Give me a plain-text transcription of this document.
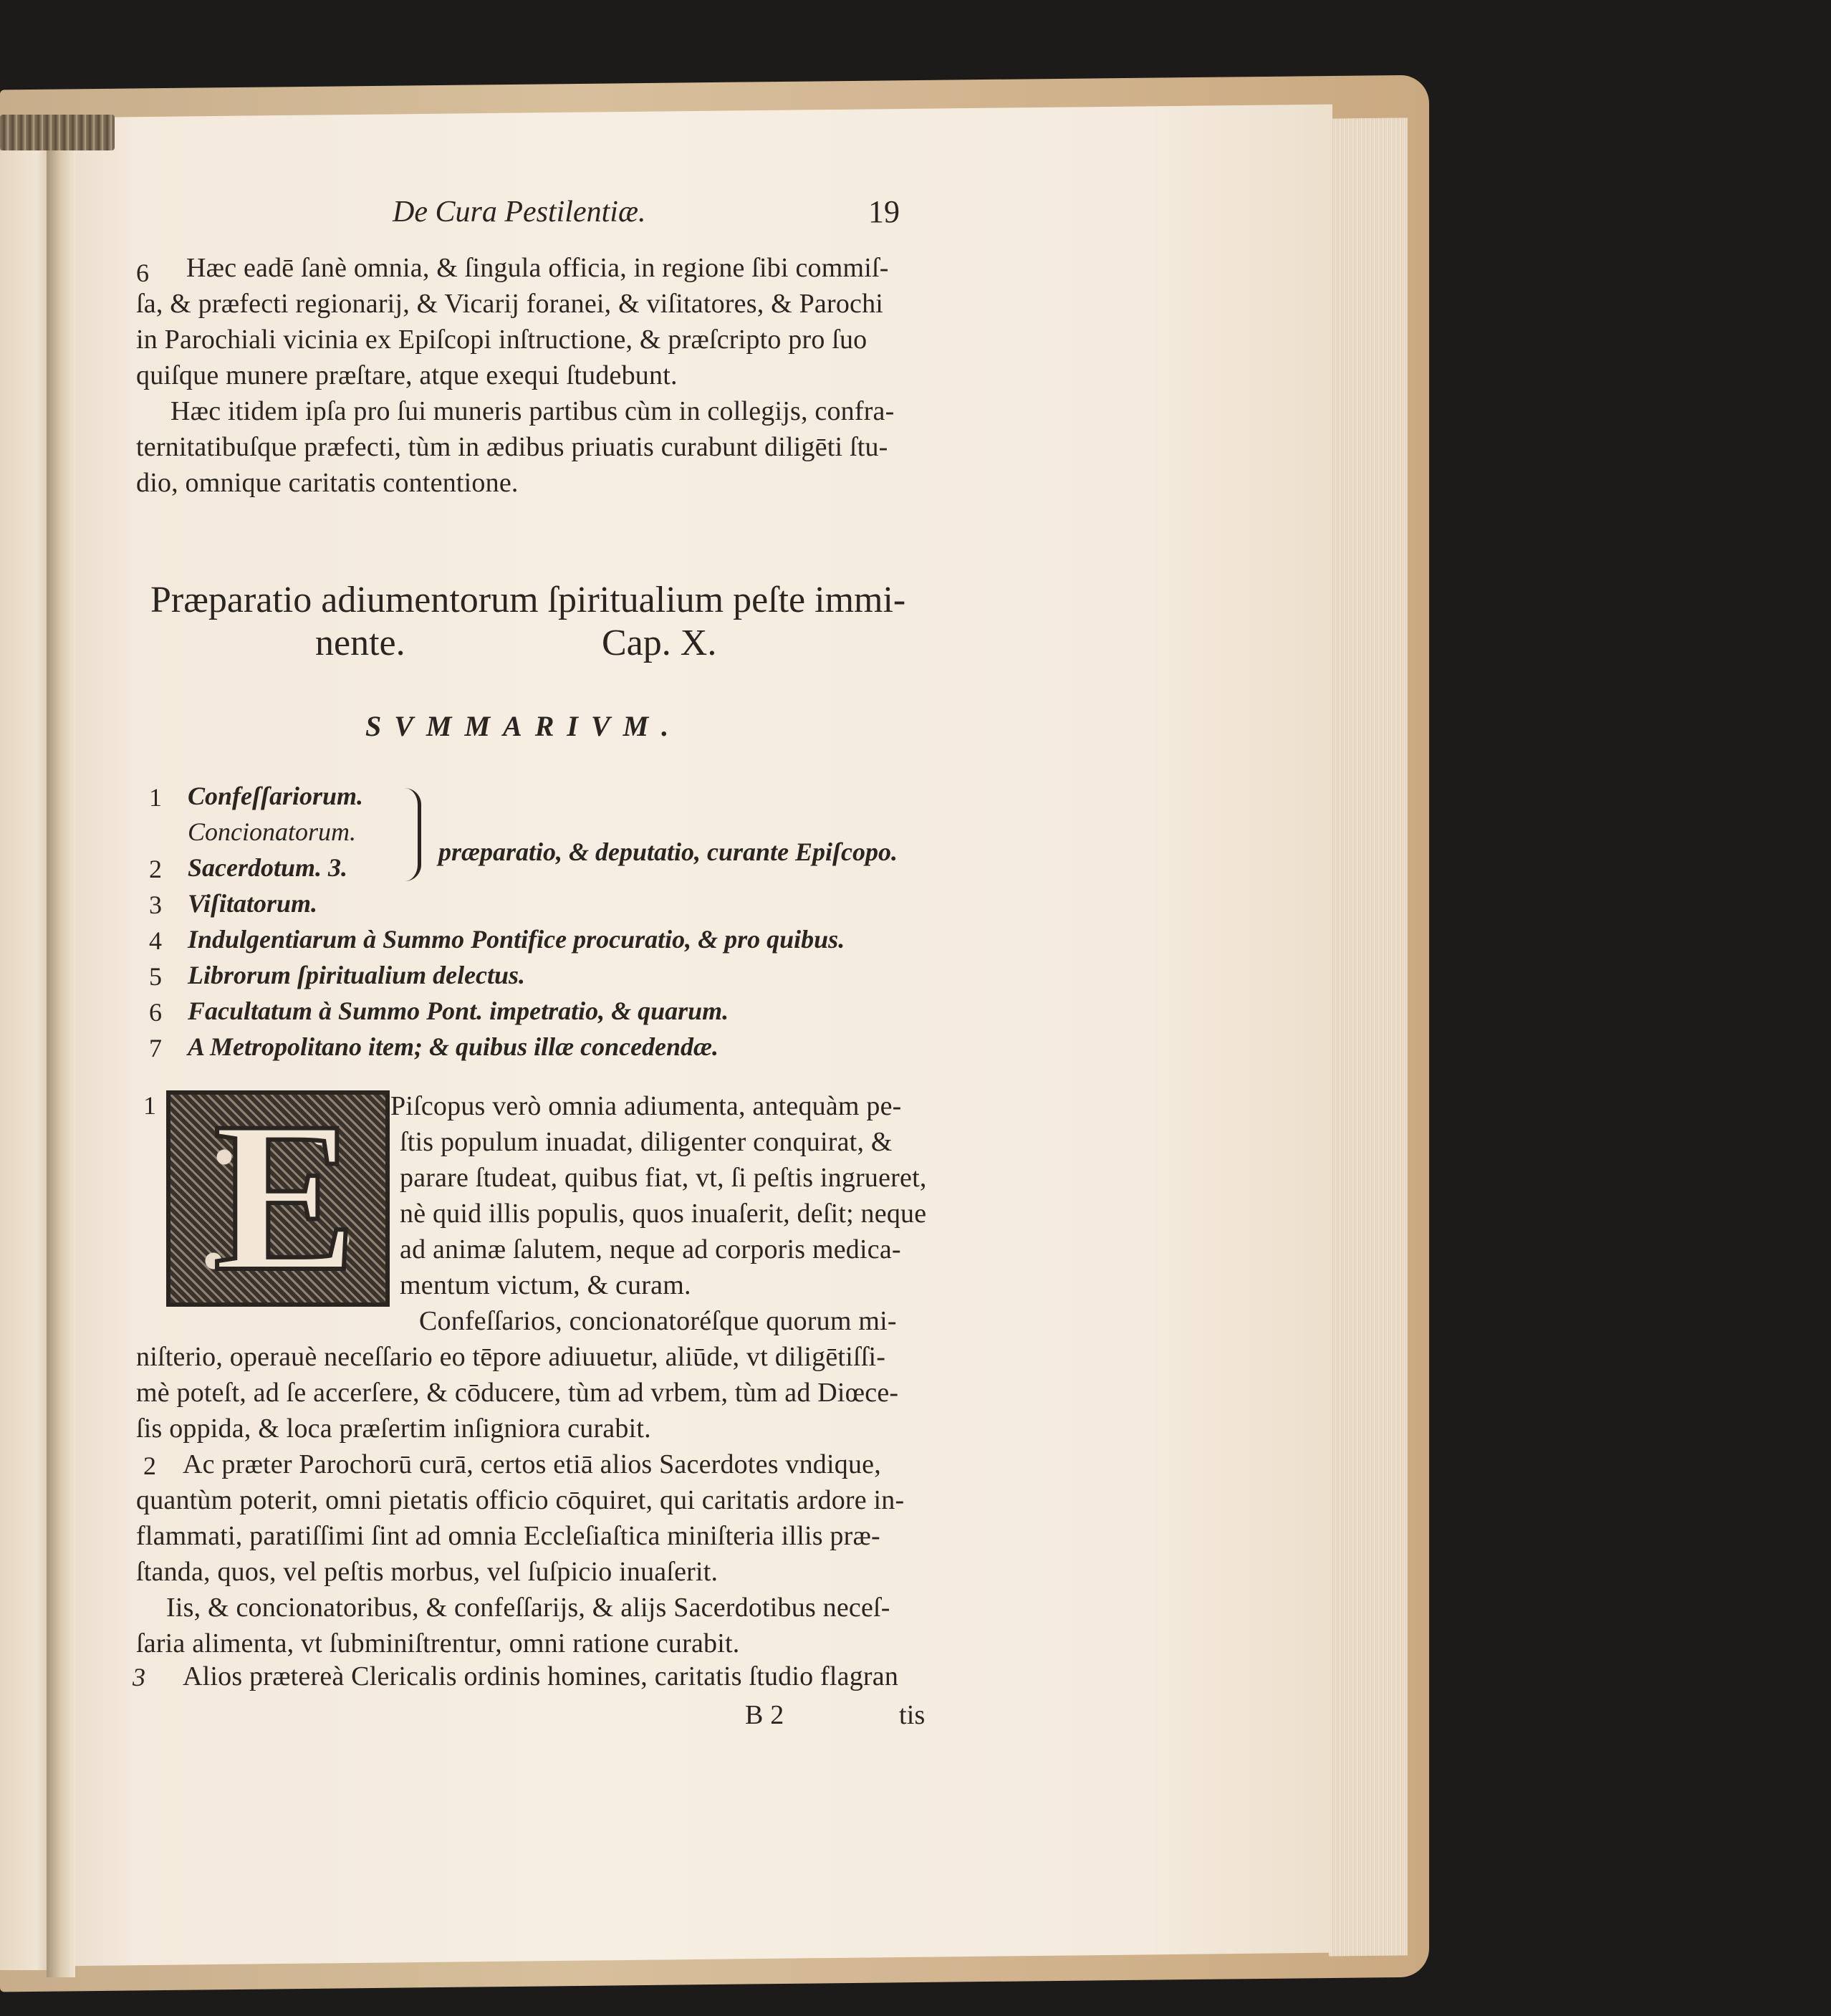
De Cura Pestilentiæ.	19
6 Hæc eadē ſanè omnia, & ſingula officia, in regione ſibi commiſ-
ſa, & præfecti regionarij, & Vicarij foranei, & viſitatores, & Parochi
in Parochiali vicinia ex Epiſcopi inſtructione, & præſcripto pro ſuo
quiſque munere præſtare, atque exequi ſtudebunt.
Hæc itidem ipſa pro ſui muneris partibus cùm in collegijs, confra-
ternitatibuſque præfecti, tùm in ædibus priuatis curabunt diligēti ſtu-
dio, omnique caritatis contentione.
Præparatio adiumentorum ſpiritualium peſte immi-
nente.	Cap. X.
SVMMARIVM.
1 Confeſſariorum.
Concionatorum.
2 Sacerdotum. 3.
3 Viſitatorum.
præparatio, & deputatio, curante Epiſcopo.
4 Indulgentiarum à Summo Pontifice procuratio, & pro quibus.
5 Librorum ſpiritualium delectus.
6 Facultatum à Summo Pont. impetratio, & quarum.
7 A Metropolitano item; & quibus illæ concedendæ.
1 E Piſcopus verò omnia adiumenta, antequàm pe-
ſtis populum inuadat, diligenter conquirat, &
parare ſtudeat, quibus fiat, vt, ſi peſtis ingrueret,
nè quid illis populis, quos inuaſerit, deſit; neque
ad animæ ſalutem, neque ad corporis medica-
mentum victum, & curam.
Confeſſarios, concionatoréſque quorum mi-
niſterio, operauè neceſſario eo tēpore adiuuetur, aliūde, vt diligētiſſi-
mè poteſt, ad ſe accerſere, & cōducere, tùm ad vrbem, tùm ad Diœce-
ſis oppida, & loca præſertim inſigniora curabit.
2 Ac præter Parochorū curā, certos etiā alios Sacerdotes vndique,
quantùm poterit, omni pietatis officio cōquiret, qui caritatis ardore in-
flammati, paratiſſimi ſint ad omnia Eccleſiaſtica miniſteria illis præ-
ſtanda, quos, vel peſtis morbus, vel ſuſpicio inuaſerit.
Iis, & concionatoribus, & confeſſarijs, & alijs Sacerdotibus neceſ-
ſaria alimenta, vt ſubminiſtrentur, omni ratione curabit.
3 Alios prætereà Clericalis ordinis homines, caritatis ſtudio flagran
B 2	tis
